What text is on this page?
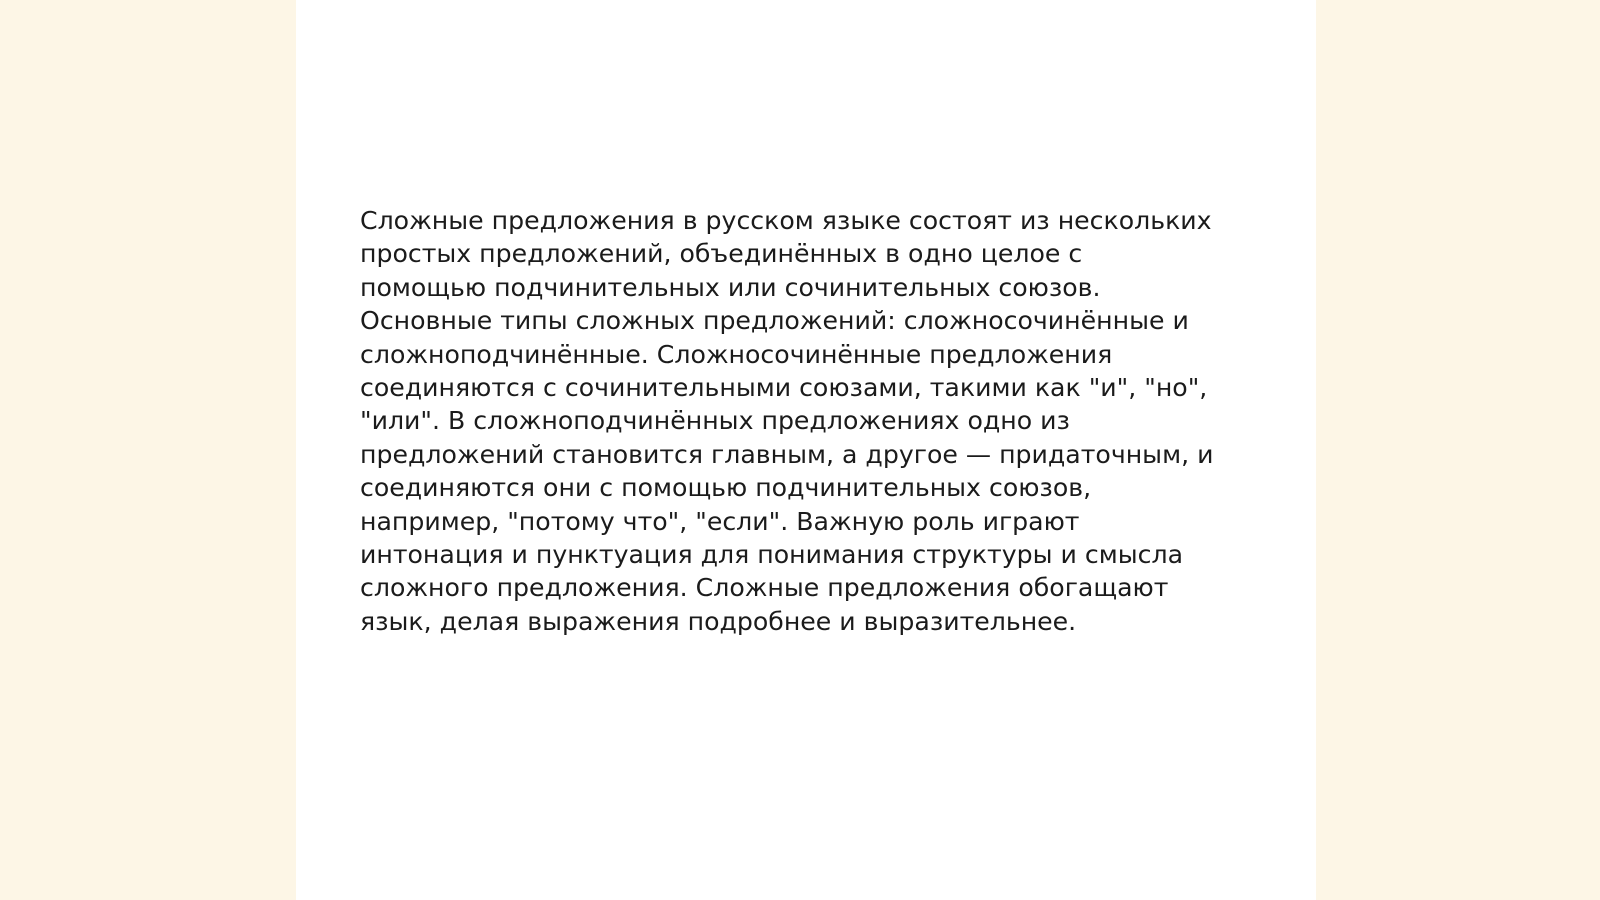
Сложные предложения в русском языке состоят из нескольких
простых предложений, объединённых в одно целое с
помощью подчинительных или сочинительных союзов.
Основные типы сложных предложений: сложносочинённые и
сложноподчинённые. Сложносочинённые предложения
соединяются с сочинительными союзами, такими как "и", "но",
"или". В сложноподчинённых предложениях одно из
предложений становится главным, а другое — придаточным, и
соединяются они с помощью подчинительных союзов,
например, "потому что", "если". Важную роль играют
интонация и пунктуация для понимания структуры и смысла
сложного предложения. Сложные предложения обогащают
язык, делая выражения подробнее и выразительнее.
